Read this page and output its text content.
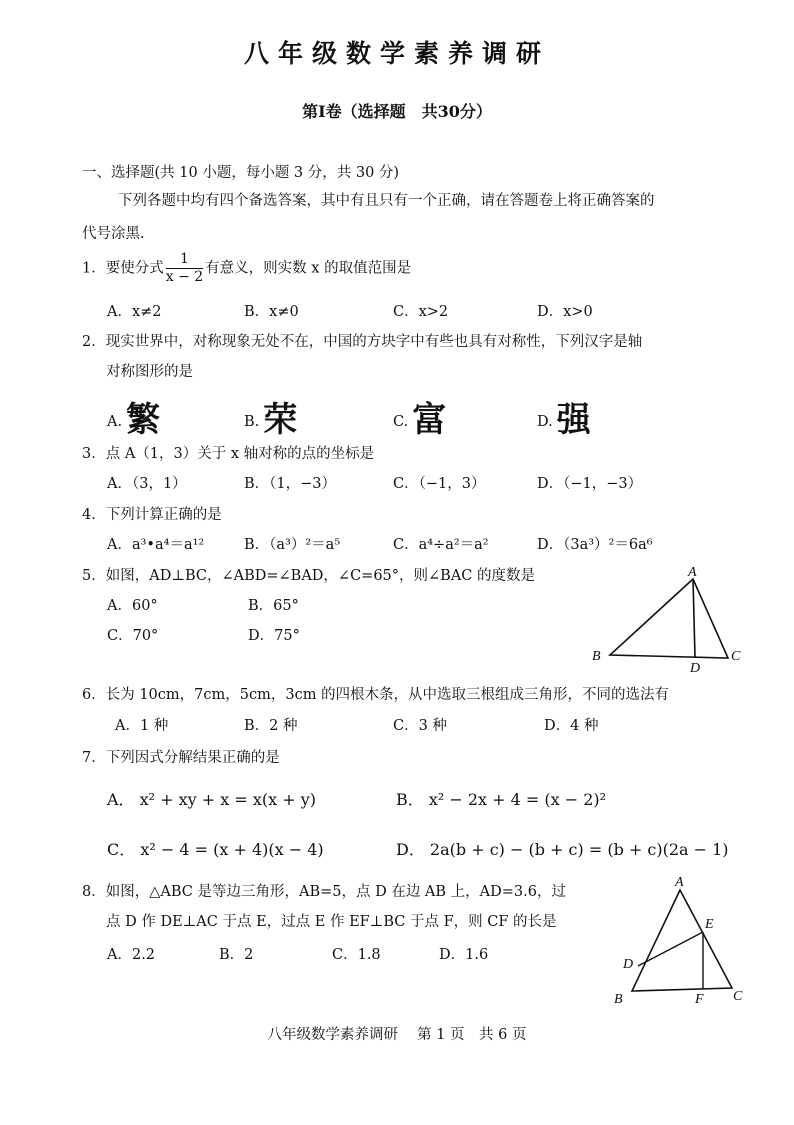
八年级数学素养调研
第Ⅰ卷（选择题　共30分）
一、选择题(共 10 小题，每小题 3 分，共 30 分)
下列各题中均有四个备选答案，其中有且只有一个正确，请在答题卷上将正确答案的
代号涂黑.
1．要使分式 $\frac{1}{x - 2}$ 有意义，则实数 x 的取值范围是
A．x≠2	B．x≠0	C．x>2	D．x>0
2．现实世界中，对称现象无处不在，中国的方块字中有些也具有对称性，下列汉字是轴
对称图形的是
A. 繁	B. 荣	C. 富	D. 强
3．点 A（1，3）关于 x 轴对称的点的坐标是
A．（3，1）	B．（1，−3）	C．（−1，3）	D．（−1，−3）
4．下列计算正确的是
A．a³•a⁴＝a¹²	B．（a³）²＝a⁵	C．a⁴÷a²＝a²	D．（3a³）²＝6a⁶
5．如图，AD⊥BC，∠ABD=∠BAD，∠C=65°，则∠BAC 的度数是
A．60°	B．65°
C．70°	D．75°
A
B
D
C
6．长为 10cm，7cm，5cm，3cm 的四根木条，从中选取三根组成三角形，不同的选法有
A．1 种	B．2 种	C．3 种	D．4 种
7．下列因式分解结果正确的是
A． x² + xy + x = x(x + y)	B． x² − 2x + 4 = (x − 2)²
C． x² − 4 = (x + 4)(x − 4)	D． 2a(b + c) − (b + c) = (b + c)(2a − 1)
8．如图，△ABC 是等边三角形，AB=5，点 D 在边 AB 上，AD=3.6，过
点 D 作 DE⊥AC 于点 E，过点 E 作 EF⊥BC 于点 F，则 CF 的长是
A．2.2	B．2	C．1.8	D．1.6
A
E
D
B	F C
八年级数学素养调研　 第 1 页　共 6 页
